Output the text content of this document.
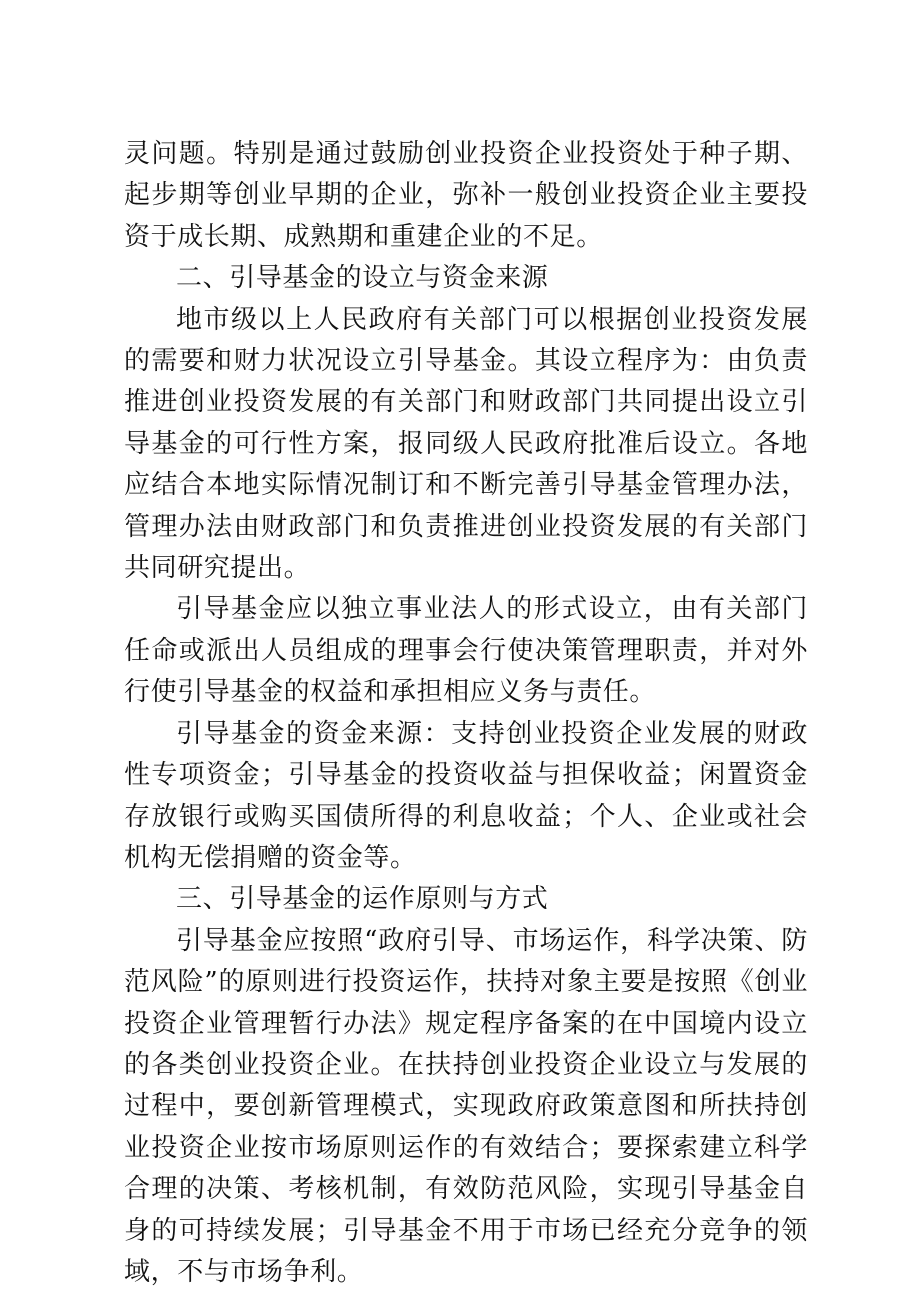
灵问题。特别是通过鼓励创业投资企业投资处于种子期、起步期等创业早期的企业，弥补一般创业投资企业主要投资于成长期、成熟期和重建企业的不足。

二、引导基金的设立与资金来源

地市级以上人民政府有关部门可以根据创业投资发展的需要和财力状况设立引导基金。其设立程序为：由负责推进创业投资发展的有关部门和财政部门共同提出设立引导基金的可行性方案，报同级人民政府批准后设立。各地应结合本地实际情况制订和不断完善引导基金管理办法，管理办法由财政部门和负责推进创业投资发展的有关部门共同研究提出。

引导基金应以独立事业法人的形式设立，由有关部门任命或派出人员组成的理事会行使决策管理职责，并对外行使引导基金的权益和承担相应义务与责任。

引导基金的资金来源：支持创业投资企业发展的财政性专项资金；引导基金的投资收益与担保收益；闲置资金存放银行或购买国债所得的利息收益；个人、企业或社会机构无偿捐赠的资金等。

三、引导基金的运作原则与方式

引导基金应按照“政府引导、市场运作，科学决策、防范风险”的原则进行投资运作，扶持对象主要是按照《创业投资企业管理暂行办法》规定程序备案的在中国境内设立的各类创业投资企业。在扶持创业投资企业设立与发展的过程中，要创新管理模式，实现政府政策意图和所扶持创业投资企业按市场原则运作的有效结合；要探索建立科学合理的决策、考核机制，有效防范风险，实现引导基金自身的可持续发展；引导基金不用于市场已经充分竞争的领域，不与市场争利。
